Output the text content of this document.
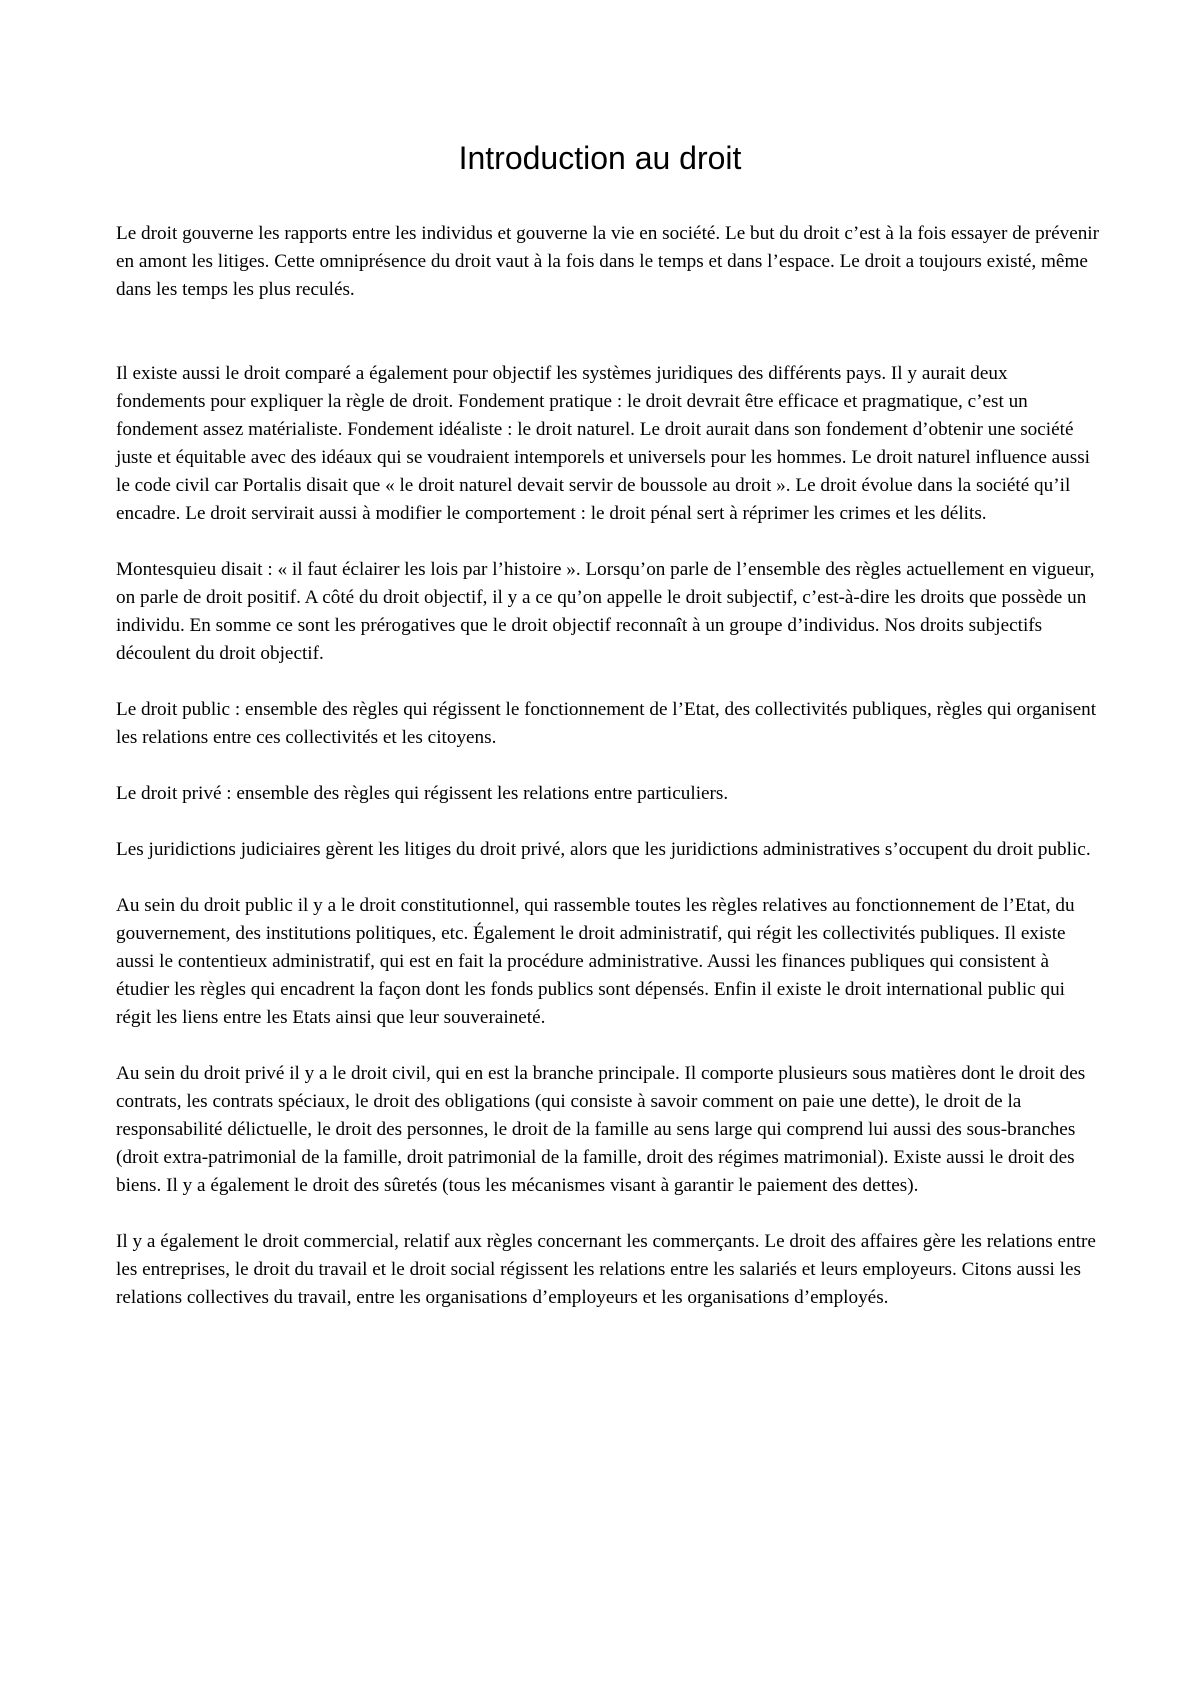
Introduction au droit

Le droit gouverne les rapports entre les individus et gouverne la vie en société. Le but du droit c’est à la fois essayer de prévenir en amont les litiges. Cette omniprésence du droit vaut à la fois dans le temps et dans l’espace. Le droit a toujours existé, même dans les temps les plus reculés.

Il existe aussi le droit comparé a également pour objectif les systèmes juridiques des différents pays. Il y aurait deux fondements pour expliquer la règle de droit. Fondement pratique : le droit devrait être efficace et pragmatique, c’est un fondement assez matérialiste. Fondement idéaliste : le droit naturel. Le droit aurait dans son fondement d’obtenir une société juste et équitable avec des idéaux qui se voudraient intemporels et universels pour les hommes. Le droit naturel influence aussi le code civil car Portalis disait que « le droit naturel devait servir de boussole au droit ». Le droit évolue dans la société qu’il encadre. Le droit servirait aussi à modifier le comportement : le droit pénal sert à réprimer les crimes et les délits.

Montesquieu disait : « il faut éclairer les lois par l’histoire ». Lorsqu’on parle de l’ensemble des règles actuellement en vigueur, on parle de droit positif. A côté du droit objectif, il y a ce qu’on appelle le droit subjectif, c’est-à-dire les droits que possède un individu. En somme ce sont les prérogatives que le droit objectif reconnaît à un groupe d’individus. Nos droits subjectifs découlent du droit objectif.

Le droit public : ensemble des règles qui régissent le fonctionnement de l’Etat, des collectivités publiques, règles qui organisent les relations entre ces collectivités et les citoyens.

Le droit privé : ensemble des règles qui régissent les relations entre particuliers.

Les juridictions judiciaires gèrent les litiges du droit privé, alors que les juridictions administratives s’occupent du droit public.

Au sein du droit public il y a le droit constitutionnel, qui rassemble toutes les règles relatives au fonctionnement de l’Etat, du gouvernement, des institutions politiques, etc. Également le droit administratif, qui régit les collectivités publiques. Il existe aussi le contentieux administratif, qui est en fait la procédure administrative. Aussi les finances publiques qui consistent à étudier les règles qui encadrent la façon dont les fonds publics sont dépensés. Enfin il existe le droit international public qui régit les liens entre les Etats ainsi que leur souveraineté.

Au sein du droit privé il y a le droit civil, qui en est la branche principale. Il comporte plusieurs sous matières dont le droit des contrats, les contrats spéciaux, le droit des obligations (qui consiste à savoir comment on paie une dette), le droit de la responsabilité délictuelle, le droit des personnes, le droit de la famille au sens large qui comprend lui aussi des sous-branches (droit extra-patrimonial de la famille, droit patrimonial de la famille, droit des régimes matrimonial). Existe aussi le droit des biens. Il y a également le droit des sûretés (tous les mécanismes visant à garantir le paiement des dettes).

Il y a également le droit commercial, relatif aux règles concernant les commerçants. Le droit des affaires gère les relations entre les entreprises, le droit du travail et le droit social régissent les relations entre les salariés et leurs employeurs. Citons aussi les relations collectives du travail, entre les organisations d’employeurs et les organisations d’employés.
